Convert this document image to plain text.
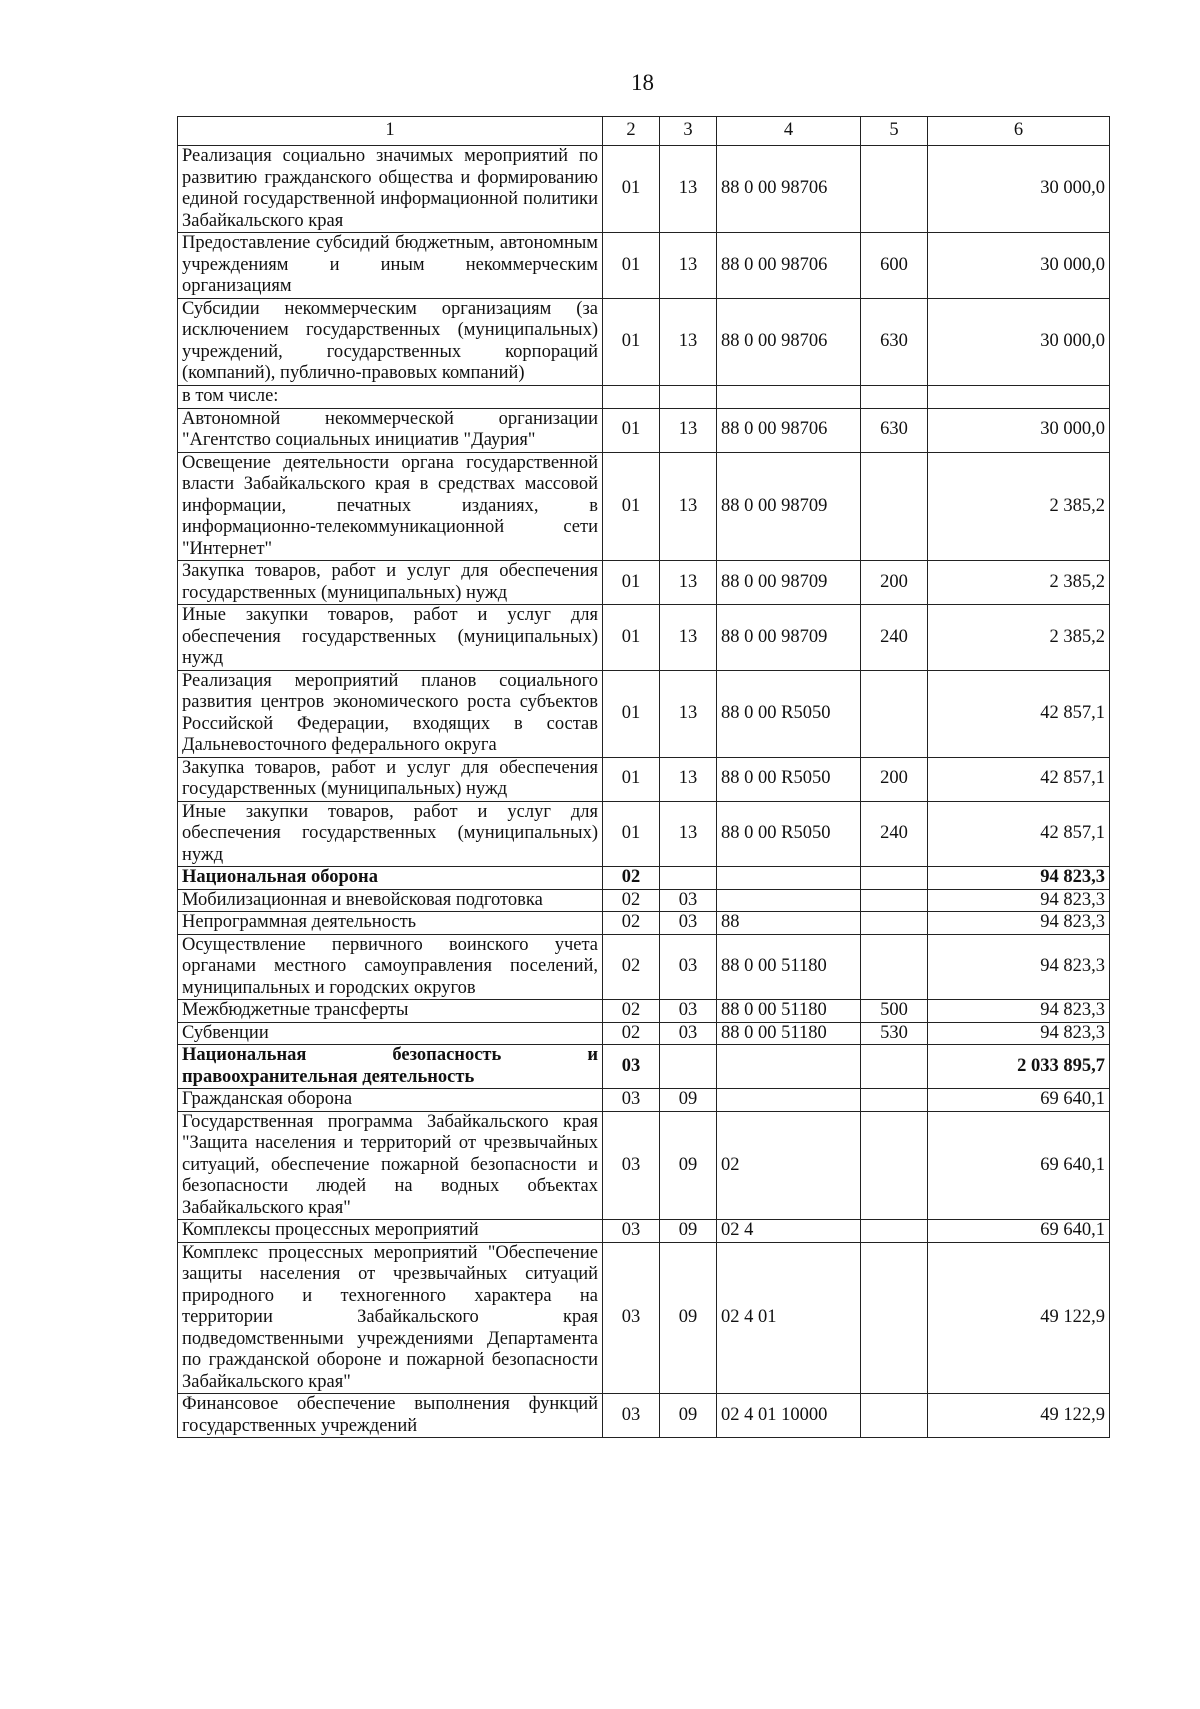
18
1	2	3	4	5	6
Реализация социально значимых мероприятий по развитию гражданского общества и формированию единой государственной информационной политики Забайкальского края	01	13	88 0 00 98706		30 000,0
Предоставление субсидий бюджетным, автономным учреждениям и иным некоммерческим организациям	01	13	88 0 00 98706	600	30 000,0
Субсидии некоммерческим организациям (за исключением государственных (муниципальных) учреждений, государственных корпораций (компаний), публично-правовых компаний)	01	13	88 0 00 98706	630	30 000,0
в том числе:					
Автономной некоммерческой организации "Агентство социальных инициатив "Даурия"	01	13	88 0 00 98706	630	30 000,0
Освещение деятельности органа государственной власти Забайкальского края в средствах массовой информации, печатных изданиях, в информационно-телекоммуникационной сети "Интернет"	01	13	88 0 00 98709		2 385,2
Закупка товаров, работ и услуг для обеспечения государственных (муниципальных) нужд	01	13	88 0 00 98709	200	2 385,2
Иные закупки товаров, работ и услуг для обеспечения государственных (муниципальных) нужд	01	13	88 0 00 98709	240	2 385,2
Реализация мероприятий планов социального развития центров экономического роста субъектов Российской Федерации, входящих в состав Дальневосточного федерального округа	01	13	88 0 00 R5050		42 857,1
Закупка товаров, работ и услуг для обеспечения государственных (муниципальных) нужд	01	13	88 0 00 R5050	200	42 857,1
Иные закупки товаров, работ и услуг для обеспечения государственных (муниципальных) нужд	01	13	88 0 00 R5050	240	42 857,1
Национальная оборона	02				94 823,3
Мобилизационная и вневойсковая подготовка	02	03			94 823,3
Непрограммная деятельность	02	03	88		94 823,3
Осуществление первичного воинского учета органами местного самоуправления поселений, муниципальных и городских округов	02	03	88 0 00 51180		94 823,3
Межбюджетные трансферты	02	03	88 0 00 51180	500	94 823,3
Субвенции	02	03	88 0 00 51180	530	94 823,3
Национальная безопасность и правоохранительная деятельность	03				2 033 895,7
Гражданская оборона	03	09			69 640,1
Государственная программа Забайкальского края "Защита населения и территорий от чрезвычайных ситуаций, обеспечение пожарной безопасности и безопасности людей на водных объектах Забайкальского края"	03	09	02		69 640,1
Комплексы процессных мероприятий	03	09	02 4		69 640,1
Комплекс процессных мероприятий "Обеспечение защиты населения от чрезвычайных ситуаций природного и техногенного характера на территории Забайкальского края подведомственными учреждениями Департамента по гражданской обороне и пожарной безопасности Забайкальского края"	03	09	02 4 01		49 122,9
Финансовое обеспечение выполнения функций государственных учреждений	03	09	02 4 01 10000		49 122,9
